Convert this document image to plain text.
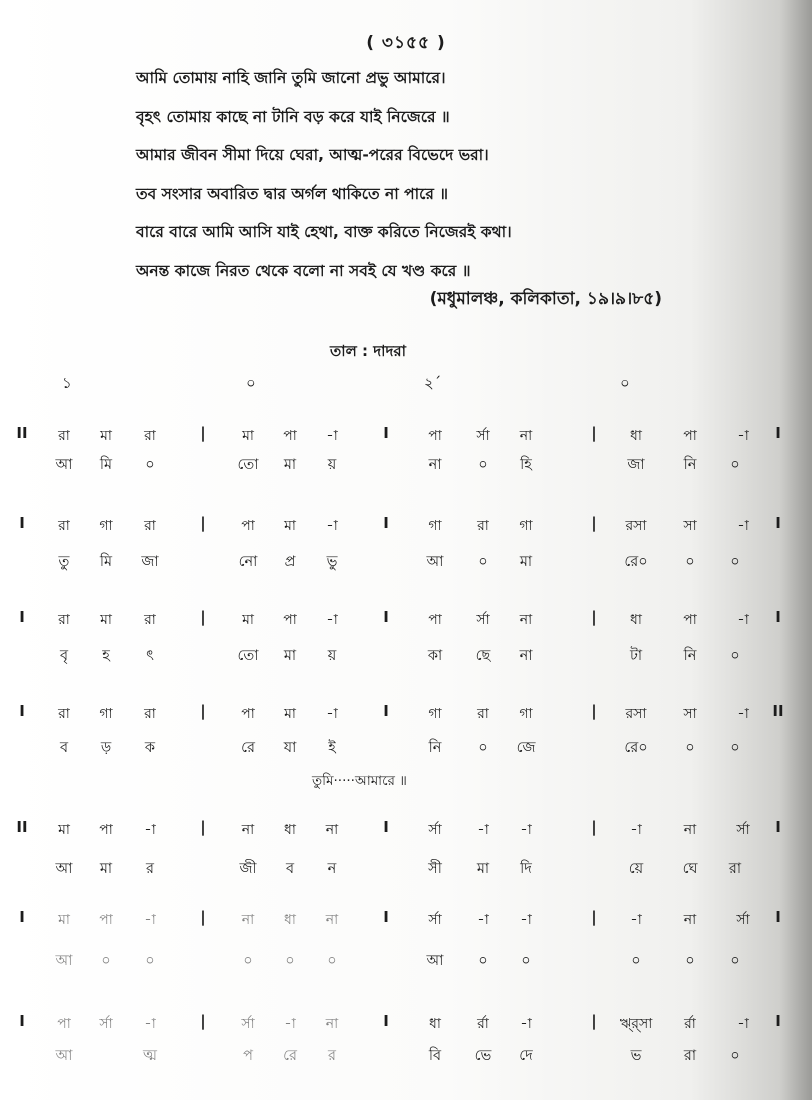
( ৩১৫৫ )
আমি তোমায় নাহি জানি তুমি জানো প্রভু আমারে।
বৃহৎ তোমায় কাছে না টানি বড় করে যাই নিজেরে ॥
আমার জীবন সীমা দিয়ে ঘেরা, আত্ম-পরের বিভেদে ভরা।
তব সংসার অবারিত দ্বার অর্গল থাকিতে না পারে ॥
বারে বারে আমি আসি যাই হেথা, বাক্ত করিতে নিজেরই কথা।
অনন্ত কাজে নিরত থেকে বলো না সবই যে খণ্ড করে ॥
(মধুমালঞ্চ, কলিকাতা, ১৯।৯।৮৫)
তাল : দাদরা
১	০	২´	০
II	রা	মা	রা	|	মা	পা	-া	I	পা	র্সা	না	|	ধা	পা	-া	I
আ	মি	০	তো	মা	য়	না	০	হি	জা	নি	০
I	রা	গা	রা	|	পা	মা	-া	I	গা	রা	গা	|	রসা	সা	-া	I
তু	মি	জা	নো	প্র	ভু	আ	০	মা	রে০	০	০
I	রা	মা	রা	|	মা	পা	-া	I	পা	র্সা	না	|	ধা	পা	-া	I
বৃ	হ	ৎ	তো	মা	য়	কা	ছে	না	টা	নি	০
I	রা	গা	রা	|	পা	মা	-া	I	গা	রা	গা	|	রসা	সা	-া	II
ব	ড়	ক	রে	যা	ই	নি	০	জে	রে০	০	০
II	মা	পা	-া	|	না	ধা	না	I	র্সা	-া	-া	|	-া	না	র্সা	I
আ	মা	র	জী	ব	ন	সী	মা	দি	য়ে	ঘে	রা
I	মা	পা	-া	|	না	ধা	না	I	র্সা	-া	-া	|	-া	না	র্সা	I
আ	০	০	০	০	০	আ	০	০	০	০	০
I	পা	র্সা	-া	|	র্সা	-া	না	I	ধা	র্রা	-া	|	ঋ্র্সা	র্রা	-া	I
আ	ত্ম	প	রে	র	বি	ভে	দে	ভ	রা	০
তুমি·····আমারে ॥
